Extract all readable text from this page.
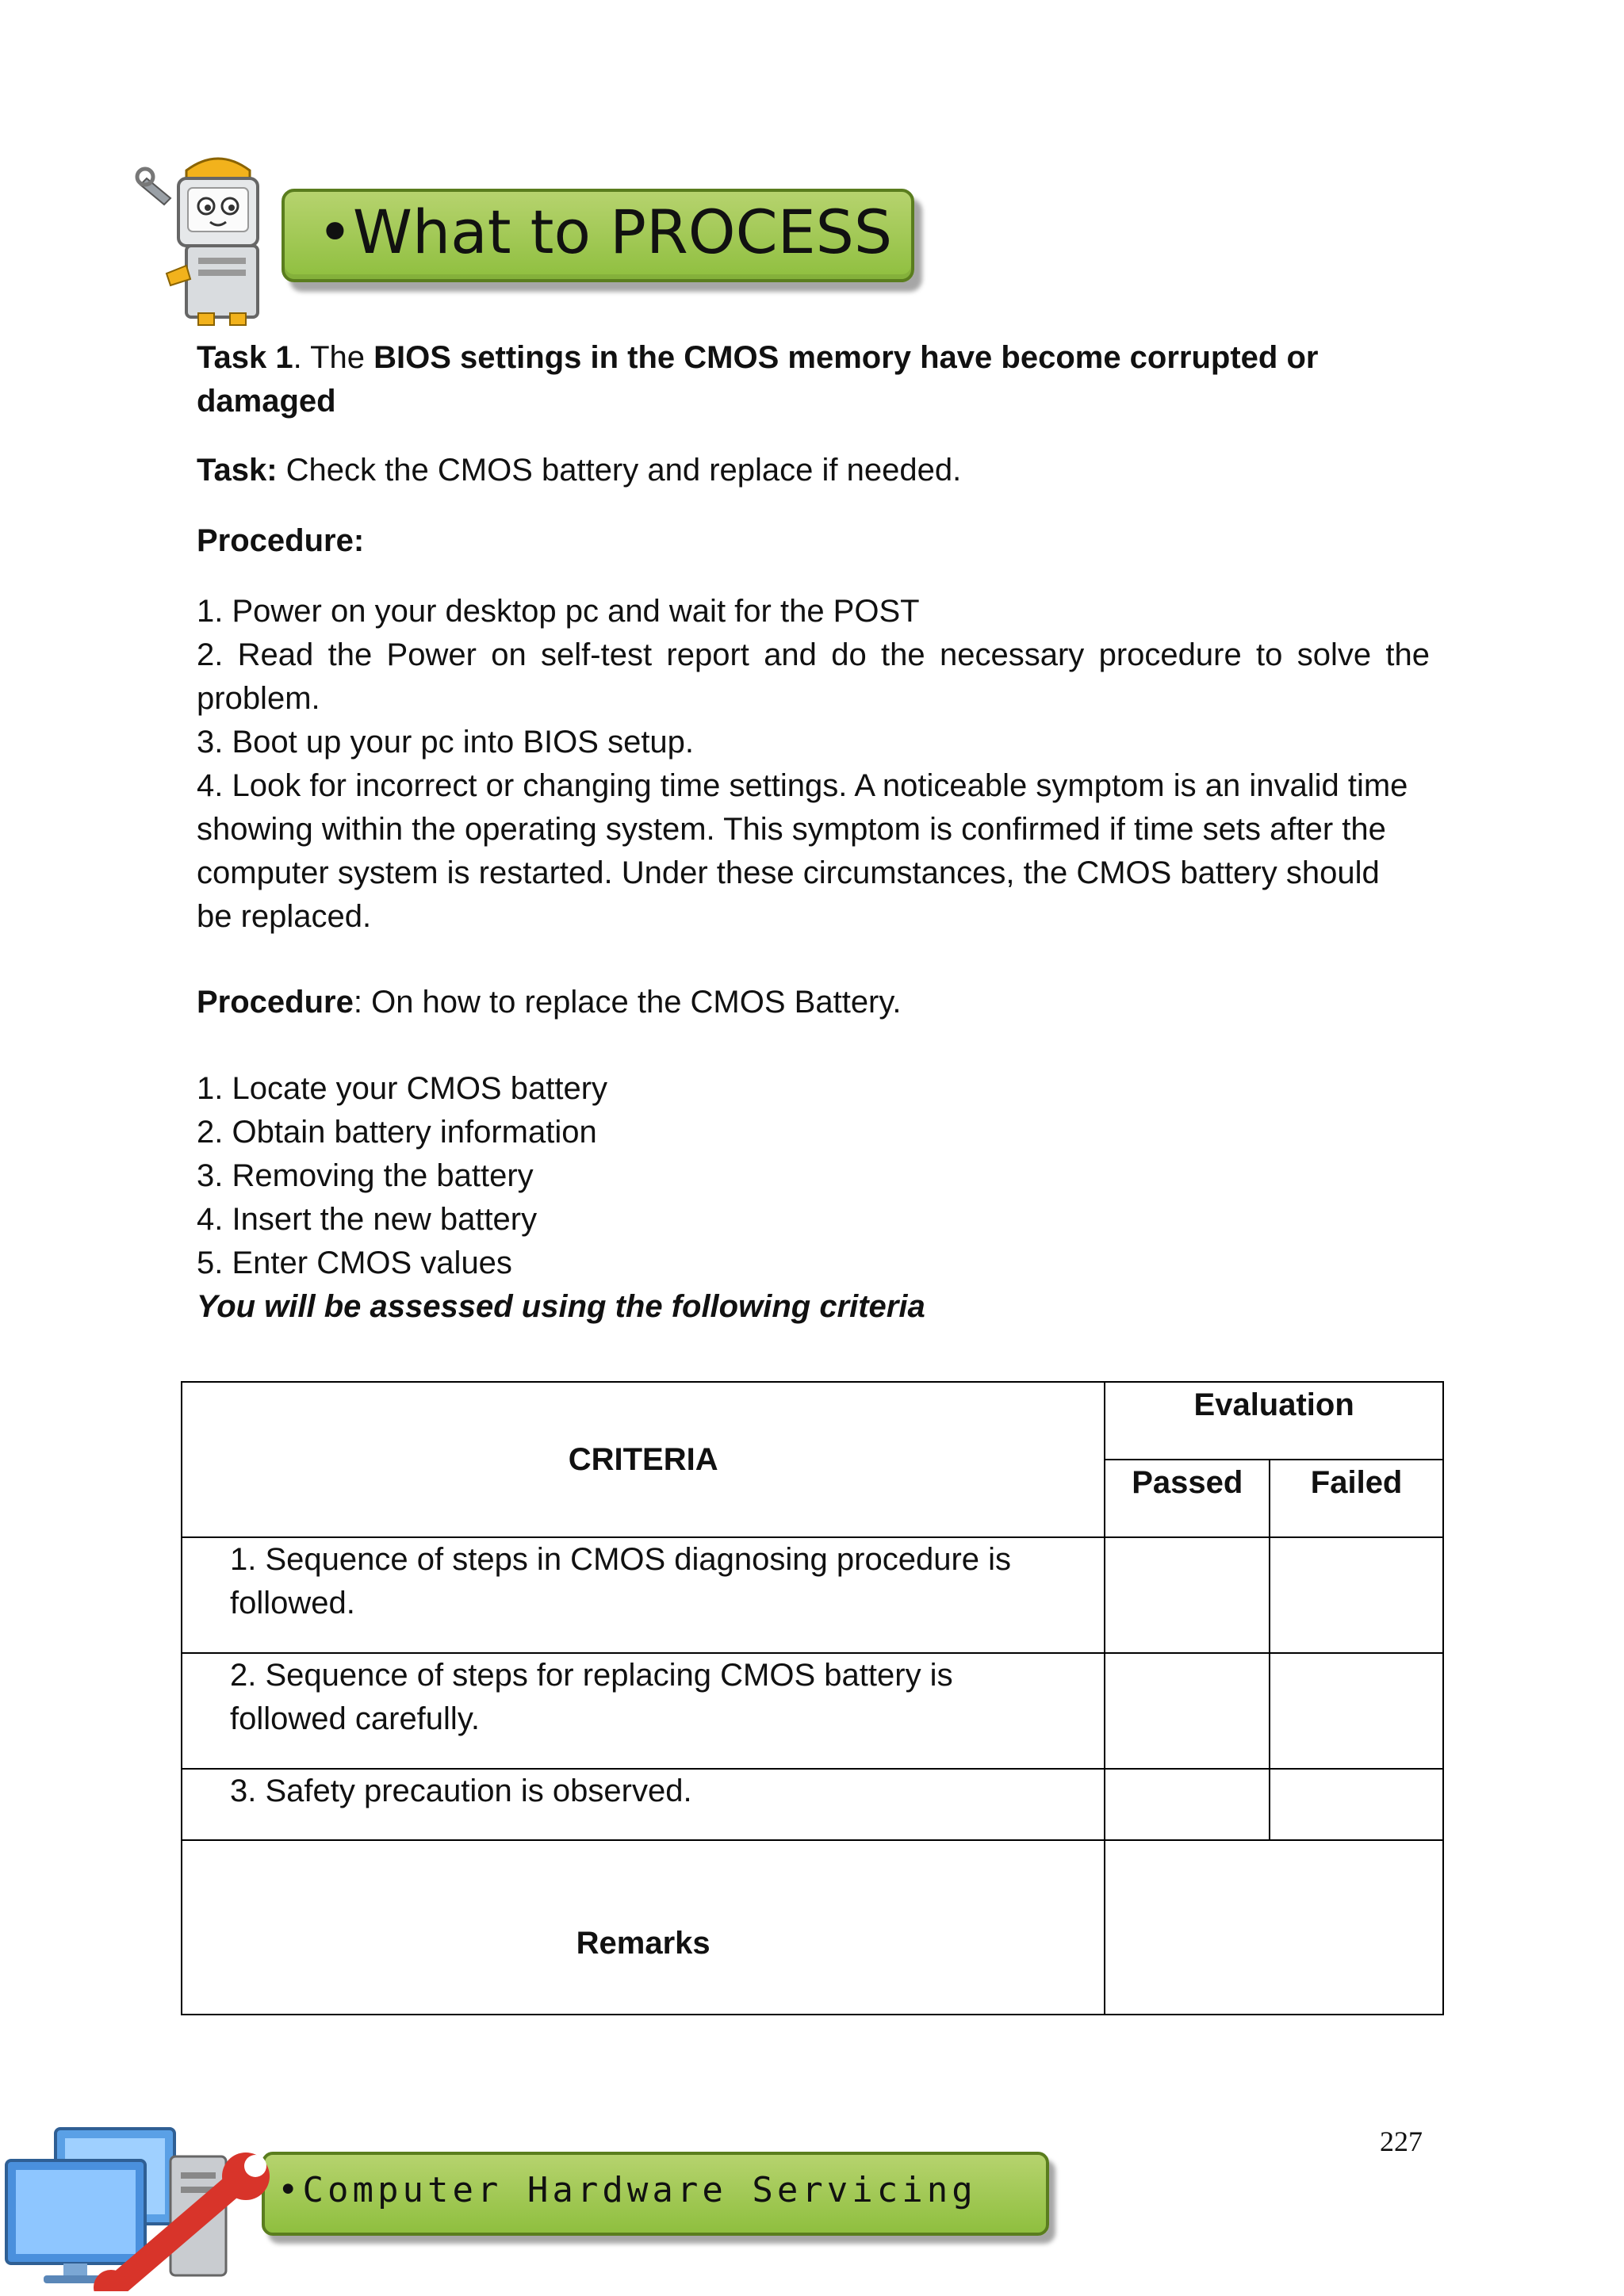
•What to PROCESS
Task 1. The BIOS settings in the CMOS memory have become corrupted or damaged
Task: Check the CMOS battery and replace if needed.
Procedure:
1. Power on your desktop pc and wait for the POST
2. Read the Power on self-test report and do the necessary procedure to solve the problem.
3. Boot up your pc into BIOS setup.
4. Look for incorrect or changing time settings. A noticeable symptom is an invalid time showing within the operating system. This symptom is confirmed if time sets after the computer system is restarted. Under these circumstances, the CMOS battery should be replaced.
Procedure: On how to replace the CMOS Battery.
1. Locate your CMOS battery
2. Obtain battery information
3. Removing the battery
4. Insert the new battery
5. Enter CMOS values
You will be assessed using the following criteria
CRITERIA	Evaluation	
	Passed	Failed
1. Sequence of steps in CMOS diagnosing procedure is followed.		
2. Sequence of steps for replacing CMOS battery is followed carefully.		
3. Safety precaution is observed.		
Remarks		
•Computer Hardware Servicing
227
